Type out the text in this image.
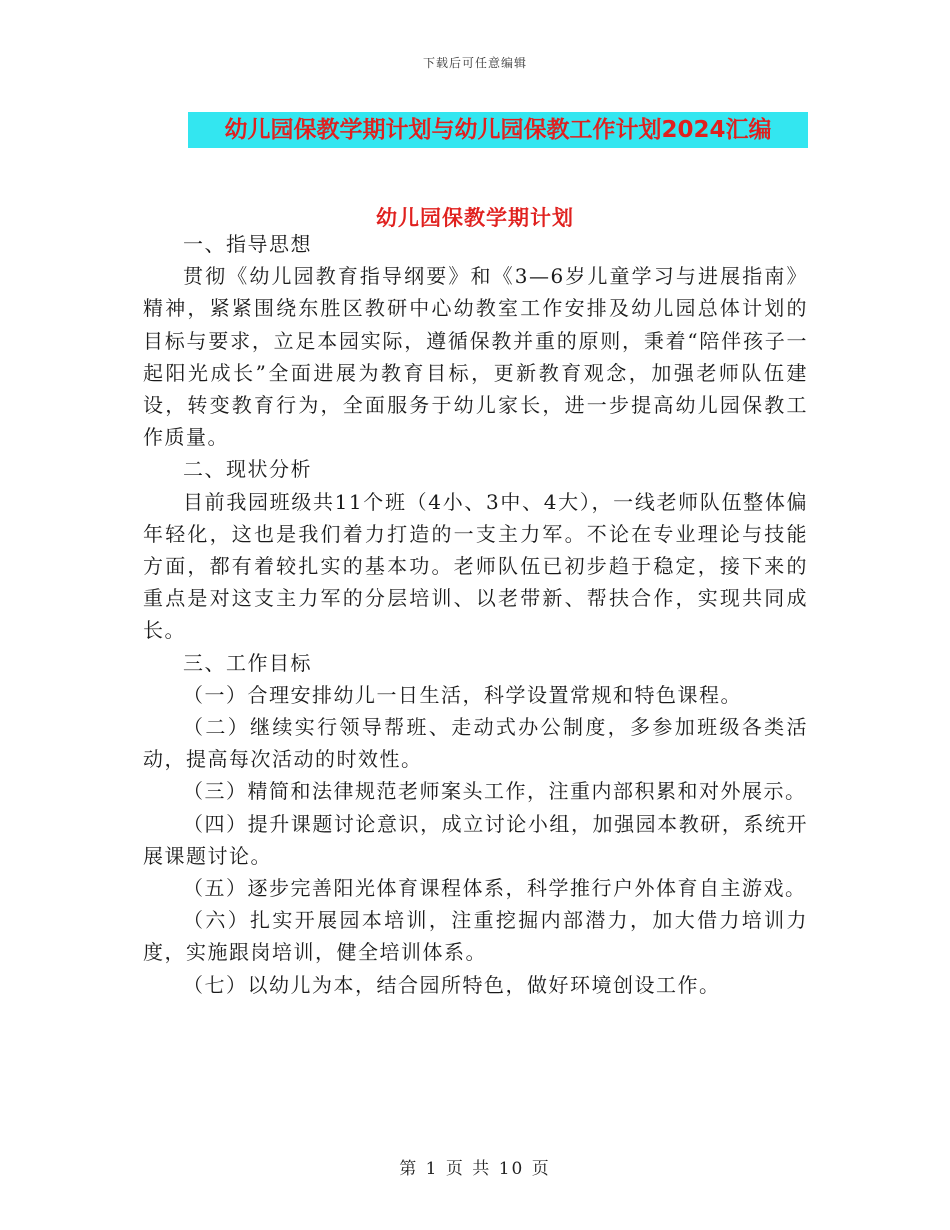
下载后可任意编辑
幼儿园保教学期计划与幼儿园保教工作计划2024汇编
幼儿园保教学期计划

一、指导思想

贯彻《幼儿园教育指导纲要》和《3—6岁儿童学习与进展指南》精神，紧紧围绕东胜区教研中心幼教室工作安排及幼儿园总体计划的目标与要求，立足本园实际，遵循保教并重的原则，秉着“陪伴孩子一起阳光成长”全面进展为教育目标，更新教育观念，加强老师队伍建设，转变教育行为，全面服务于幼儿家长，进一步提高幼儿园保教工作质量。

二、现状分析

目前我园班级共11个班（4小、3中、4大），一线老师队伍整体偏年轻化，这也是我们着力打造的一支主力军。不论在专业理论与技能方面，都有着较扎实的基本功。老师队伍已初步趋于稳定，接下来的重点是对这支主力军的分层培训、以老带新、帮扶合作，实现共同成长。

三、工作目标

（一）合理安排幼儿一日生活，科学设置常规和特色课程。

（二）继续实行领导帮班、走动式办公制度，多参加班级各类活动，提高每次活动的时效性。

（三）精简和法律规范老师案头工作，注重内部积累和对外展示。

（四）提升课题讨论意识，成立讨论小组，加强园本教研，系统开展课题讨论。

（五）逐步完善阳光体育课程体系，科学推行户外体育自主游戏。

（六）扎实开展园本培训，注重挖掘内部潜力，加大借力培训力度，实施跟岗培训，健全培训体系。

（七）以幼儿为本，结合园所特色，做好环境创设工作。

第 1 页 共 10 页
